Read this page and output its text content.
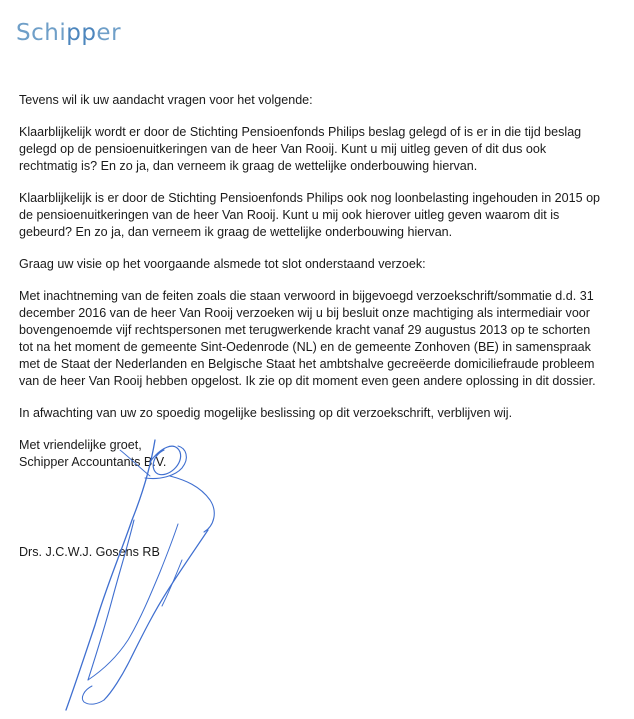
Schipper

Tevens wil ik uw aandacht vragen voor het volgende:

Klaarblijkelijk wordt er door de Stichting Pensioenfonds Philips beslag gelegd of is er in die tijd beslag
gelegd op de pensioenuitkeringen van de heer Van Rooij. Kunt u mij uitleg geven of dit dus ook
rechtmatig is? En zo ja, dan verneem ik graag de wettelijke onderbouwing hiervan.

Klaarblijkelijk is er door de Stichting Pensioenfonds Philips ook nog loonbelasting ingehouden in 2015 op
de pensioenuitkeringen van de heer Van Rooij. Kunt u mij ook hierover uitleg geven waarom dit is
gebeurd? En zo ja, dan verneem ik graag de wettelijke onderbouwing hiervan.

Graag uw visie op het voorgaande alsmede tot slot onderstaand verzoek:

Met inachtneming van de feiten zoals die staan verwoord in bijgevoegd verzoekschrift/sommatie d.d. 31
december 2016 van de heer Van Rooij verzoeken wij u bij besluit onze machtiging als intermediair voor
bovengenoemde vijf rechtspersonen met terugwerkende kracht vanaf 29 augustus 2013 op te schorten
tot na het moment de gemeente Sint-Oedenrode (NL) en de gemeente Zonhoven (BE) in samenspraak
met de Staat der Nederlanden en Belgische Staat het ambtshalve gecreëerde domiciliefraude probleem
van de heer Van Rooij hebben opgelost. Ik zie op dit moment even geen andere oplossing in dit dossier.

In afwachting van uw zo spoedig mogelijke beslissing op dit verzoekschrift, verblijven wij.

Met vriendelijke groet,
Schipper Accountants B.V.

Drs. J.C.W.J. Gosens RB
